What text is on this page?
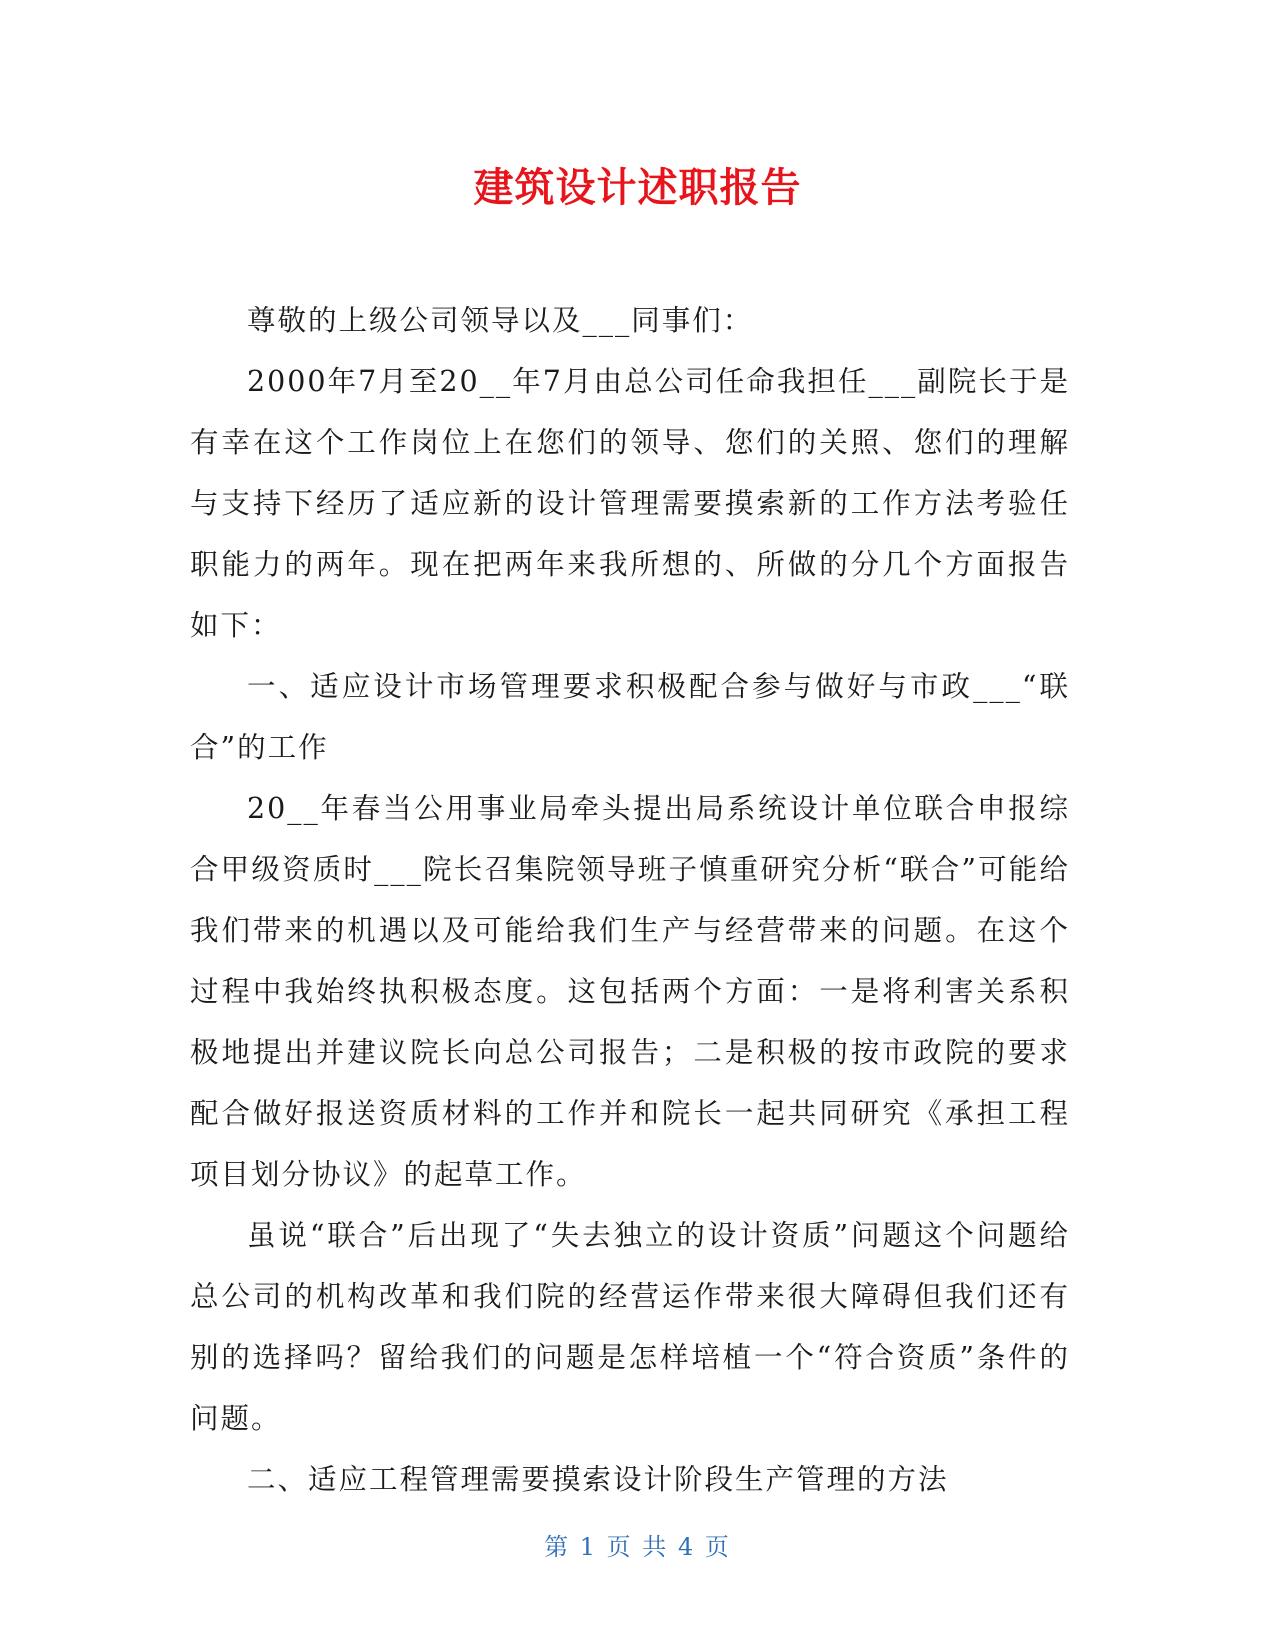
建筑设计述职报告

尊敬的上级公司领导以及___同事们：

2000年7月至20__年7月由总公司任命我担任___副院长于是有幸在这个工作岗位上在您们的领导、您们的关照、您们的理解与支持下经历了适应新的设计管理需要摸索新的工作方法考验任职能力的两年。现在把两年来我所想的、所做的分几个方面报告如下：

一、适应设计市场管理要求积极配合参与做好与市政___“联合”的工作

20__年春当公用事业局牵头提出局系统设计单位联合申报综合甲级资质时___院长召集院领导班子慎重研究分析“联合”可能给我们带来的机遇以及可能给我们生产与经营带来的问题。在这个过程中我始终执积极态度。这包括两个方面：一是将利害关系积极地提出并建议院长向总公司报告；二是积极的按市政院的要求配合做好报送资质材料的工作并和院长一起共同研究《承担工程项目划分协议》的起草工作。

虽说“联合”后出现了“失去独立的设计资质”问题这个问题给总公司的机构改革和我们院的经营运作带来很大障碍但我们还有别的选择吗？留给我们的问题是怎样培植一个“符合资质”条件的问题。

二、适应工程管理需要摸索设计阶段生产管理的方法

第 1 页 共 4 页
